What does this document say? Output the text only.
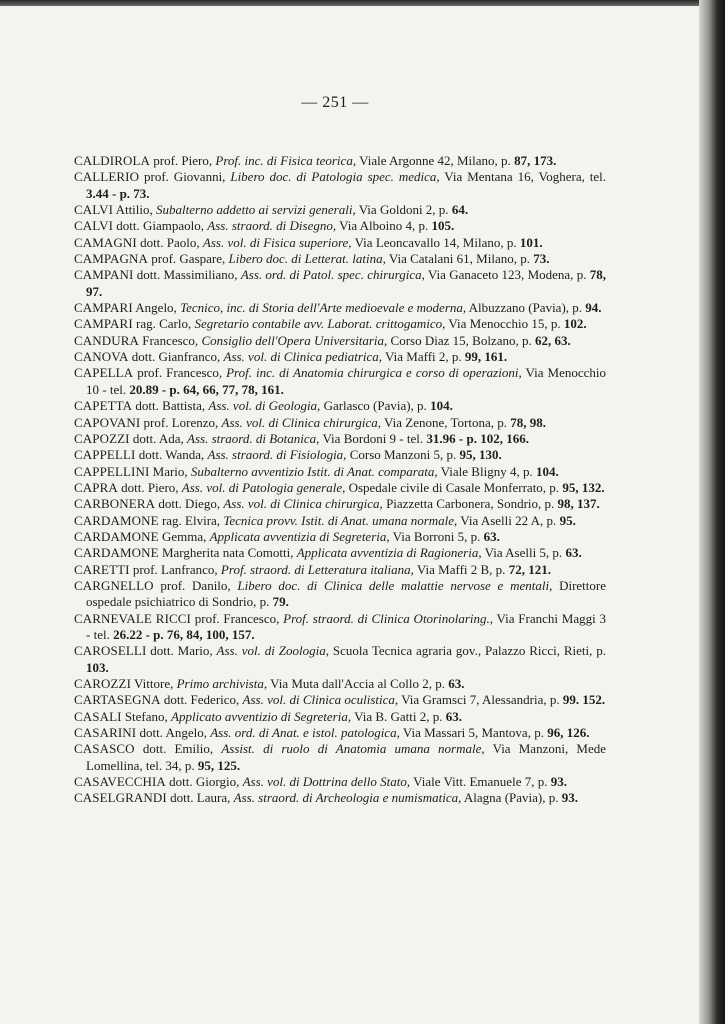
— 251 —
CALDIROLA prof. Piero, Prof. inc. di Fisica teorica, Viale Argonne 42, Milano, p. 87, 173.
CALLERIO prof. Giovanni, Libero doc. di Patologia spec. medica, Via Mentana 16, Voghera, tel. 3.44 - p. 73.
CALVI Attilio, Subalterno addetto ai servizi generali, Via Goldoni 2, p. 64.
CALVI dott. Giampaolo, Ass. straord. di Disegno, Via Alboino 4, p. 105.
CAMAGNI dott. Paolo, Ass. vol. di Fisica superiore, Via Leoncavallo 14, Milano, p. 101.
CAMPAGNA prof. Gaspare, Libero doc. di Letterat. latina, Via Catalani 61, Milano, p. 73.
CAMPANI dott. Massimiliano, Ass. ord. di Patol. spec. chirurgica, Via Ganaceto 123, Modena, p. 78, 97.
CAMPARI Angelo, Tecnico, inc. di Storia dell'Arte medioevale e moderna, Albuzzano (Pavia), p. 94.
CAMPARI rag. Carlo, Segretario contabile avv. Laborat. crittogamico, Via Menocchio 15, p. 102.
CANDURA Francesco, Consiglio dell'Opera Universitaria, Corso Diaz 15, Bolzano, p. 62, 63.
CANOVA dott. Gianfranco, Ass. vol. di Clinica pediatrica, Via Maffi 2, p. 99, 161.
CAPELLA prof. Francesco, Prof. inc. di Anatomia chirurgica e corso di operazioni, Via Menocchio 10 - tel. 20.89 - p. 64, 66, 77, 78, 161.
CAPETTA dott. Battista, Ass. vol. di Geologia, Garlasco (Pavia), p. 104.
CAPOVANI prof. Lorenzo, Ass. vol. di Clinica chirurgica, Via Zenone, Tortona, p. 78, 98.
CAPOZZI dott. Ada, Ass. straord. di Botanica, Via Bordoni 9 - tel. 31.96 - p. 102, 166.
CAPPELLI dott. Wanda, Ass. straord. di Fisiologia, Corso Manzoni 5, p. 95, 130.
CAPPELLINI Mario, Subalterno avventizio Istit. di Anat. comparata, Viale Bligny 4, p. 104.
CAPRA dott. Piero, Ass. vol. di Patologia generale, Ospedale civile di Casale Monferrato, p. 95, 132.
CARBONERA dott. Diego, Ass. vol. di Clinica chirurgica, Piazzetta Carbonera, Sondrio, p. 98, 137.
CARDAMONE rag. Elvira, Tecnica provv. Istit. di Anat. umana normale, Via Aselli 22 A, p. 95.
CARDAMONE Gemma, Applicata avventizia di Segreteria, Via Borroni 5, p. 63.
CARDAMONE Margherita nata Comotti, Applicata avventizia di Ragioneria, Via Aselli 5, p. 63.
CARETTI prof. Lanfranco, Prof. straord. di Letteratura italiana, Via Maffi 2 B, p. 72, 121.
CARGNELLO prof. Danilo, Libero doc. di Clinica delle malattie nervose e mentali, Direttore ospedale psichiatrico di Sondrio, p. 79.
CARNEVALE RICCI prof. Francesco, Prof. straord. di Clinica Otorinolaring., Via Franchi Maggi 3 - tel. 26.22 - p. 76, 84, 100, 157.
CAROSELLI dott. Mario, Ass. vol. di Zoologia, Scuola Tecnica agraria gov., Palazzo Ricci, Rieti, p. 103.
CAROZZI Vittore, Primo archivista, Via Muta dall'Accia al Collo 2, p. 63.
CARTASEGNA dott. Federico, Ass. vol. di Clinica oculistica, Via Gramsci 7, Alessandria, p. 99. 152.
CASALI Stefano, Applicato avventizio di Segreteria, Via B. Gatti 2, p. 63.
CASARINI dott. Angelo, Ass. ord. di Anat. e istol. patologica, Via Massari 5, Mantova, p. 96, 126.
CASASCO dott. Emilio, Assist. di ruolo di Anatomia umana normale, Via Manzoni, Mede Lomellina, tel. 34, p. 95, 125.
CASAVECCHIA dott. Giorgio, Ass. vol. di Dottrina dello Stato, Viale Vitt. Emanuele 7, p. 93.
CASELGRANDI dott. Laura, Ass. straord. di Archeologia e numismatica, Alagna (Pavia), p. 93.
